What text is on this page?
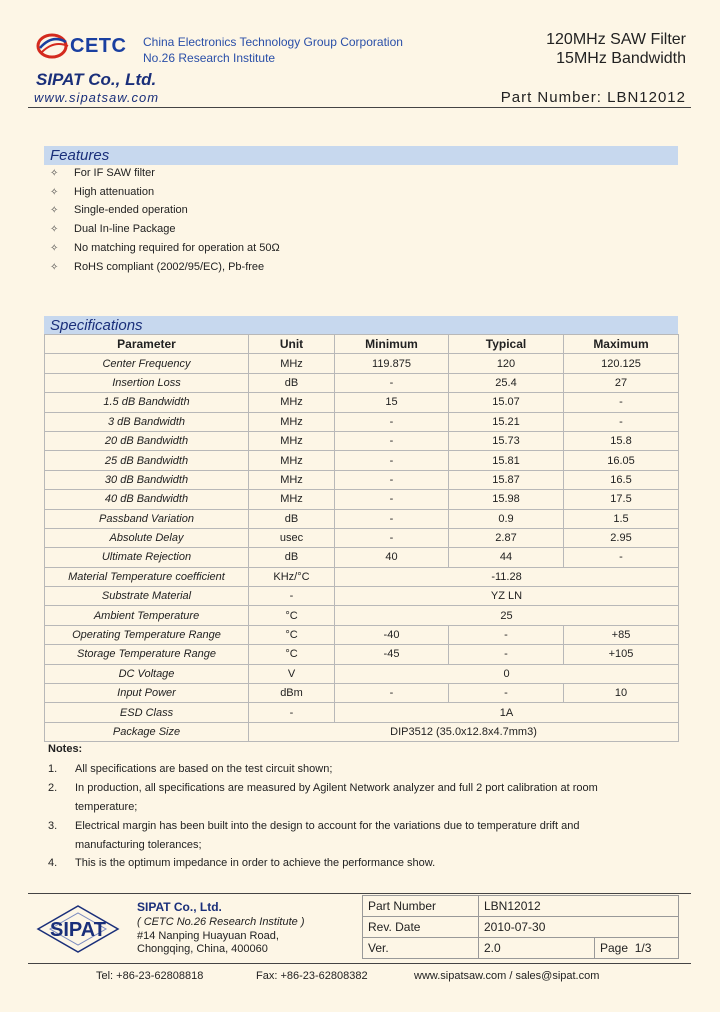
CETC China Electronics Technology Group Corporation
No.26 Research Institute
120MHz SAW Filter
15MHz Bandwidth
SIPAT Co., Ltd.
www.sipatsaw.com	Part Number: LBN12012
Features
✧ For IF SAW filter
✧ High attenuation
✧ Single-ended operation
✧ Dual In-line Package
✧ No matching required for operation at 50Ω
✧ RoHS compliant (2002/95/EC), Pb-free
Specifications
Parameter	Unit	Minimum	Typical	Maximum
Center Frequency	MHz	119.875	120	120.125
Insertion Loss	dB	-	25.4	27
1.5 dB Bandwidth	MHz	15	15.07	-
3 dB Bandwidth	MHz	-	15.21	-
20 dB Bandwidth	MHz	-	15.73	15.8
25 dB Bandwidth	MHz	-	15.81	16.05
30 dB Bandwidth	MHz	-	15.87	16.5
40 dB Bandwidth	MHz	-	15.98	17.5
Passband Variation	dB	-	0.9	1.5
Absolute Delay	usec	-	2.87	2.95
Ultimate Rejection	dB	40	44	-
Material Temperature coefficient	KHz/°C	-11.28		
Substrate Material	-	YZ LN		
Ambient Temperature	°C	25		
Operating Temperature Range	°C	-40	-	+85
Storage Temperature Range	°C	-45	-	+105
DC Voltage	V	0		
Input Power	dBm	-	-	10
ESD Class	-	1A		
Package Size	DIP3512 (35.0x12.8x4.7mm3)			
Notes:
1. All specifications are based on the test circuit shown;
2. In production, all specifications are measured by Agilent Network analyzer and full 2 port calibration at room temperature;
3. Electrical margin has been built into the design to account for the variations due to temperature drift and manufacturing tolerances;
4. This is the optimum impedance in order to achieve the performance show.
SIPAT
SIPAT Co., Ltd.
( CETC No.26 Research Institute )
#14 Nanping Huayuan Road,
Chongqing, China, 400060
Part Number	LBN12012	
Rev. Date	2010-07-30	
Ver.	2.0	Page 1/3
Tel: +86-23-62808818	Fax: +86-23-62808382	www.sipatsaw.com / sales@sipat.com
